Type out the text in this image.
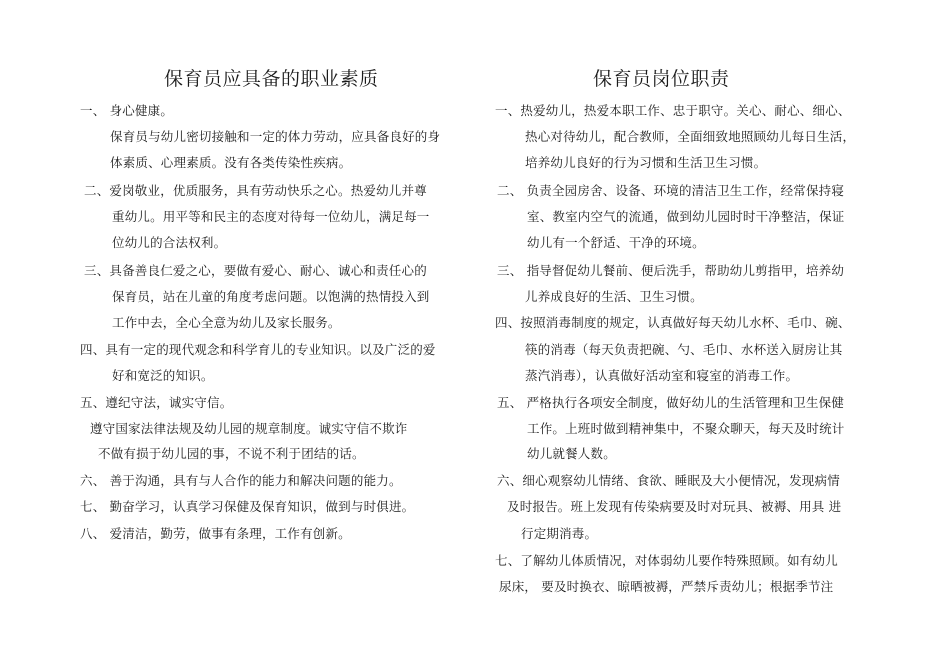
保育员应具备的职业素质
一、 身心健康。
保育员与幼儿密切接触和一定的体力劳动，应具备良好的身
体素质、心理素质。没有各类传染性疾病。
二、爱岗敬业，优质服务，具有劳动快乐之心。热爱幼儿并尊
重幼儿。用平等和民主的态度对待每一位幼儿，满足每一
位幼儿的合法权利。
三、具备善良仁爱之心，要做有爱心、耐心、诚心和责任心的
保育员，站在儿童的角度考虑问题。以饱满的热情投入到
工作中去，全心全意为幼儿及家长服务。
四、具有一定的现代观念和科学育儿的专业知识。以及广泛的爱
好和宽泛的知识。
五、遵纪守法，诚实守信。
遵守国家法律法规及幼儿园的规章制度。诚实守信不欺诈
不做有损于幼儿园的事，不说不利于团结的话。
六、 善于沟通，具有与人合作的能力和解决问题的能力。
七、 勤奋学习，认真学习保健及保育知识，做到与时俱进。
八、 爱清洁，勤劳，做事有条理，工作有创新。
保育员岗位职责
一、热爱幼儿，热爱本职工作、忠于职守。关心、耐心、细心、
热心对待幼儿，配合教师，全面细致地照顾幼儿每日生活，
培养幼儿良好的行为习惯和生活卫生习惯。
二、 负责全园房舍、设备、环境的清洁卫生工作，经常保持寝
室、教室内空气的流通，做到幼儿园时时干净整洁，保证
幼儿有一个舒适、干净的环境。
三、 指导督促幼儿餐前、便后洗手，帮助幼儿剪指甲，培养幼
儿养成良好的生活、卫生习惯。
四、按照消毒制度的规定，认真做好每天幼儿水杯、毛巾、碗、
筷的消毒（每天负责把碗、勺、毛巾、水杯送入厨房让其
蒸汽消毒），认真做好活动室和寝室的消毒工作。
五、 严格执行各项安全制度，做好幼儿的生活管理和卫生保健
工作。上班时做到精神集中，不聚众聊天，每天及时统计
幼儿就餐人数。
六、细心观察幼儿情绪、食欲、睡眠及大小便情况，发现病情
及时报告。班上发现有传染病要及时对玩具、被褥、用具 进
行定期消毒。
七、了解幼儿体质情况，对体弱幼儿要作特殊照顾。如有幼儿
尿床， 要及时换衣、晾晒被褥，严禁斥责幼儿；根据季节注
